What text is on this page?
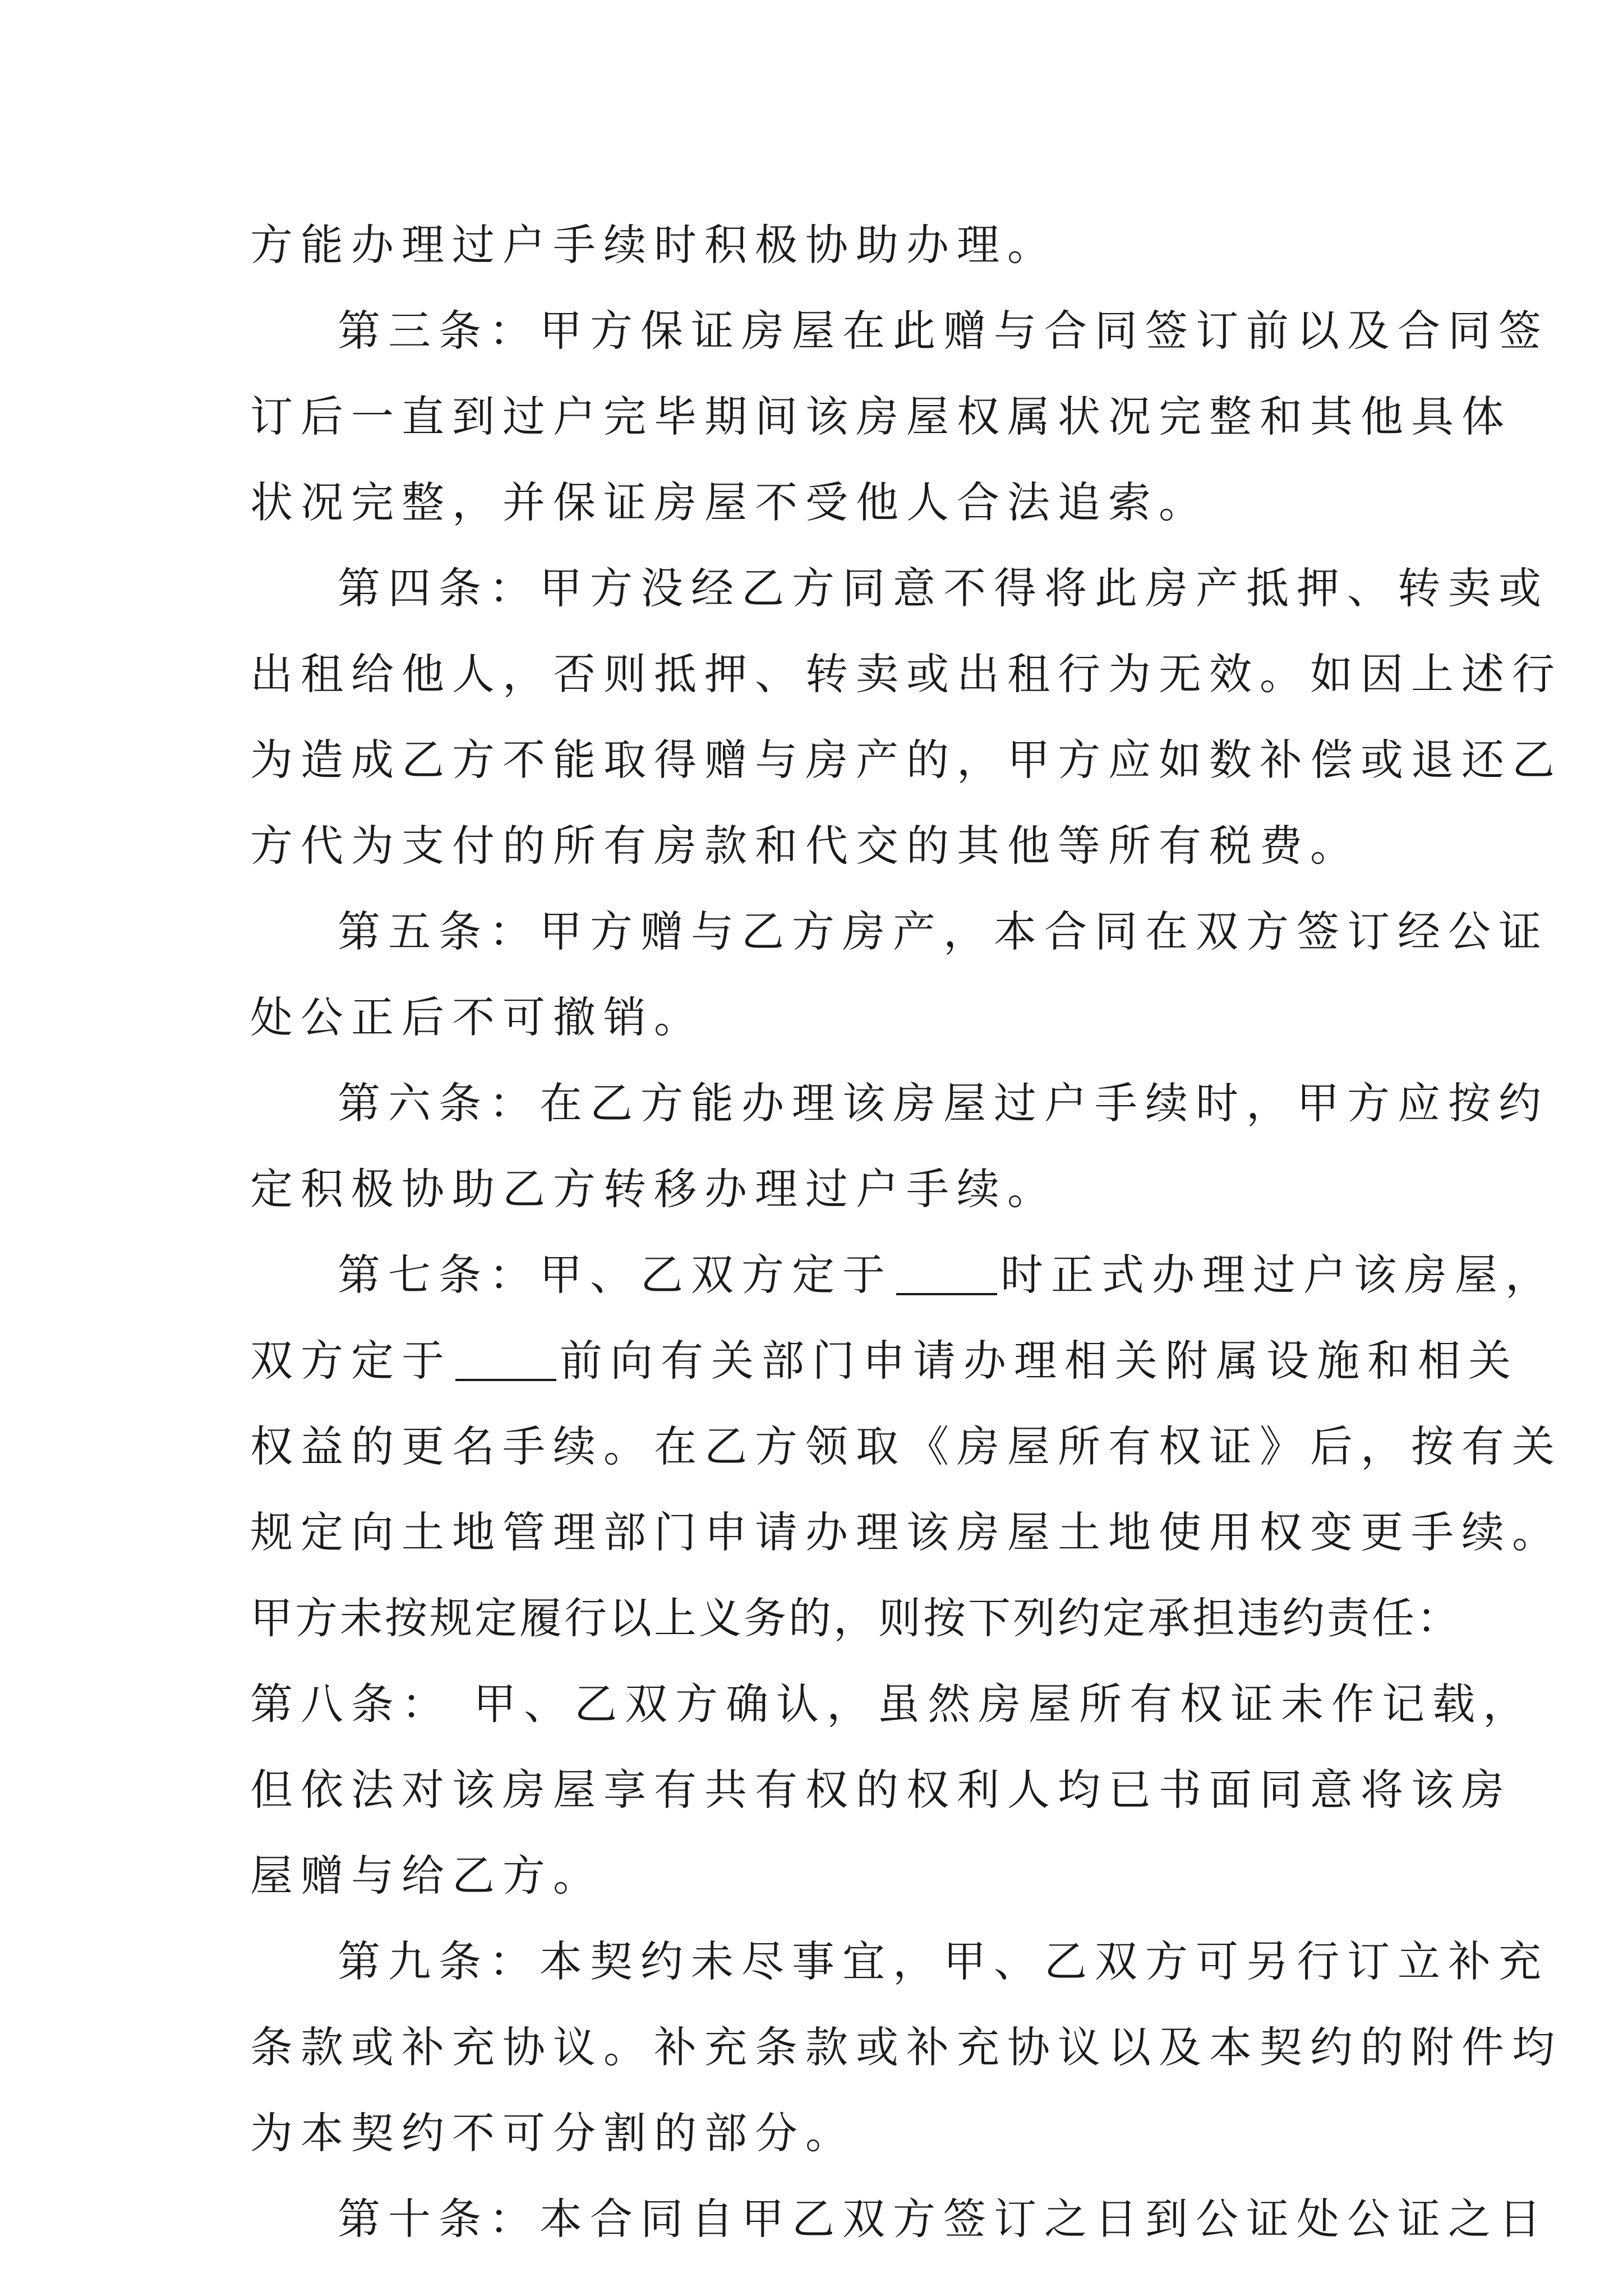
方能办理过户手续时积极协助办理。
第三条：甲方保证房屋在此赠与合同签订前以及合同签
订后一直到过户完毕期间该房屋权属状况完整和其他具体
状况完整，并保证房屋不受他人合法追索。
第四条：甲方没经乙方同意不得将此房产抵押、转卖或
出租给他人，否则抵押、转卖或出租行为无效。如因上述行
为造成乙方不能取得赠与房产的，甲方应如数补偿或退还乙
方代为支付的所有房款和代交的其他等所有税费。
第五条：甲方赠与乙方房产，本合同在双方签订经公证
处公正后不可撤销。
第六条：在乙方能办理该房屋过户手续时，甲方应按约
定积极协助乙方转移办理过户手续。
第七条：甲、乙双方定于	时正式办理过户该房屋，
双方定于	前向有关部门申请办理相关附属设施和相关
权益的更名手续。在乙方领取《房屋所有权证》后，按有关
规定向土地管理部门申请办理该房屋土地使用权变更手续。
甲方未按规定履行以上义务的，则按下列约定承担违约责任：
第八条： 甲、乙双方确认，虽然房屋所有权证未作记载，
但依法对该房屋享有共有权的权利人均已书面同意将该房
屋赠与给乙方。
第九条：本契约未尽事宜，甲、乙双方可另行订立补充
条款或补充协议。补充条款或补充协议以及本契约的附件均
为本契约不可分割的部分。
第十条：本合同自甲乙双方签订之日到公证处公证之日
